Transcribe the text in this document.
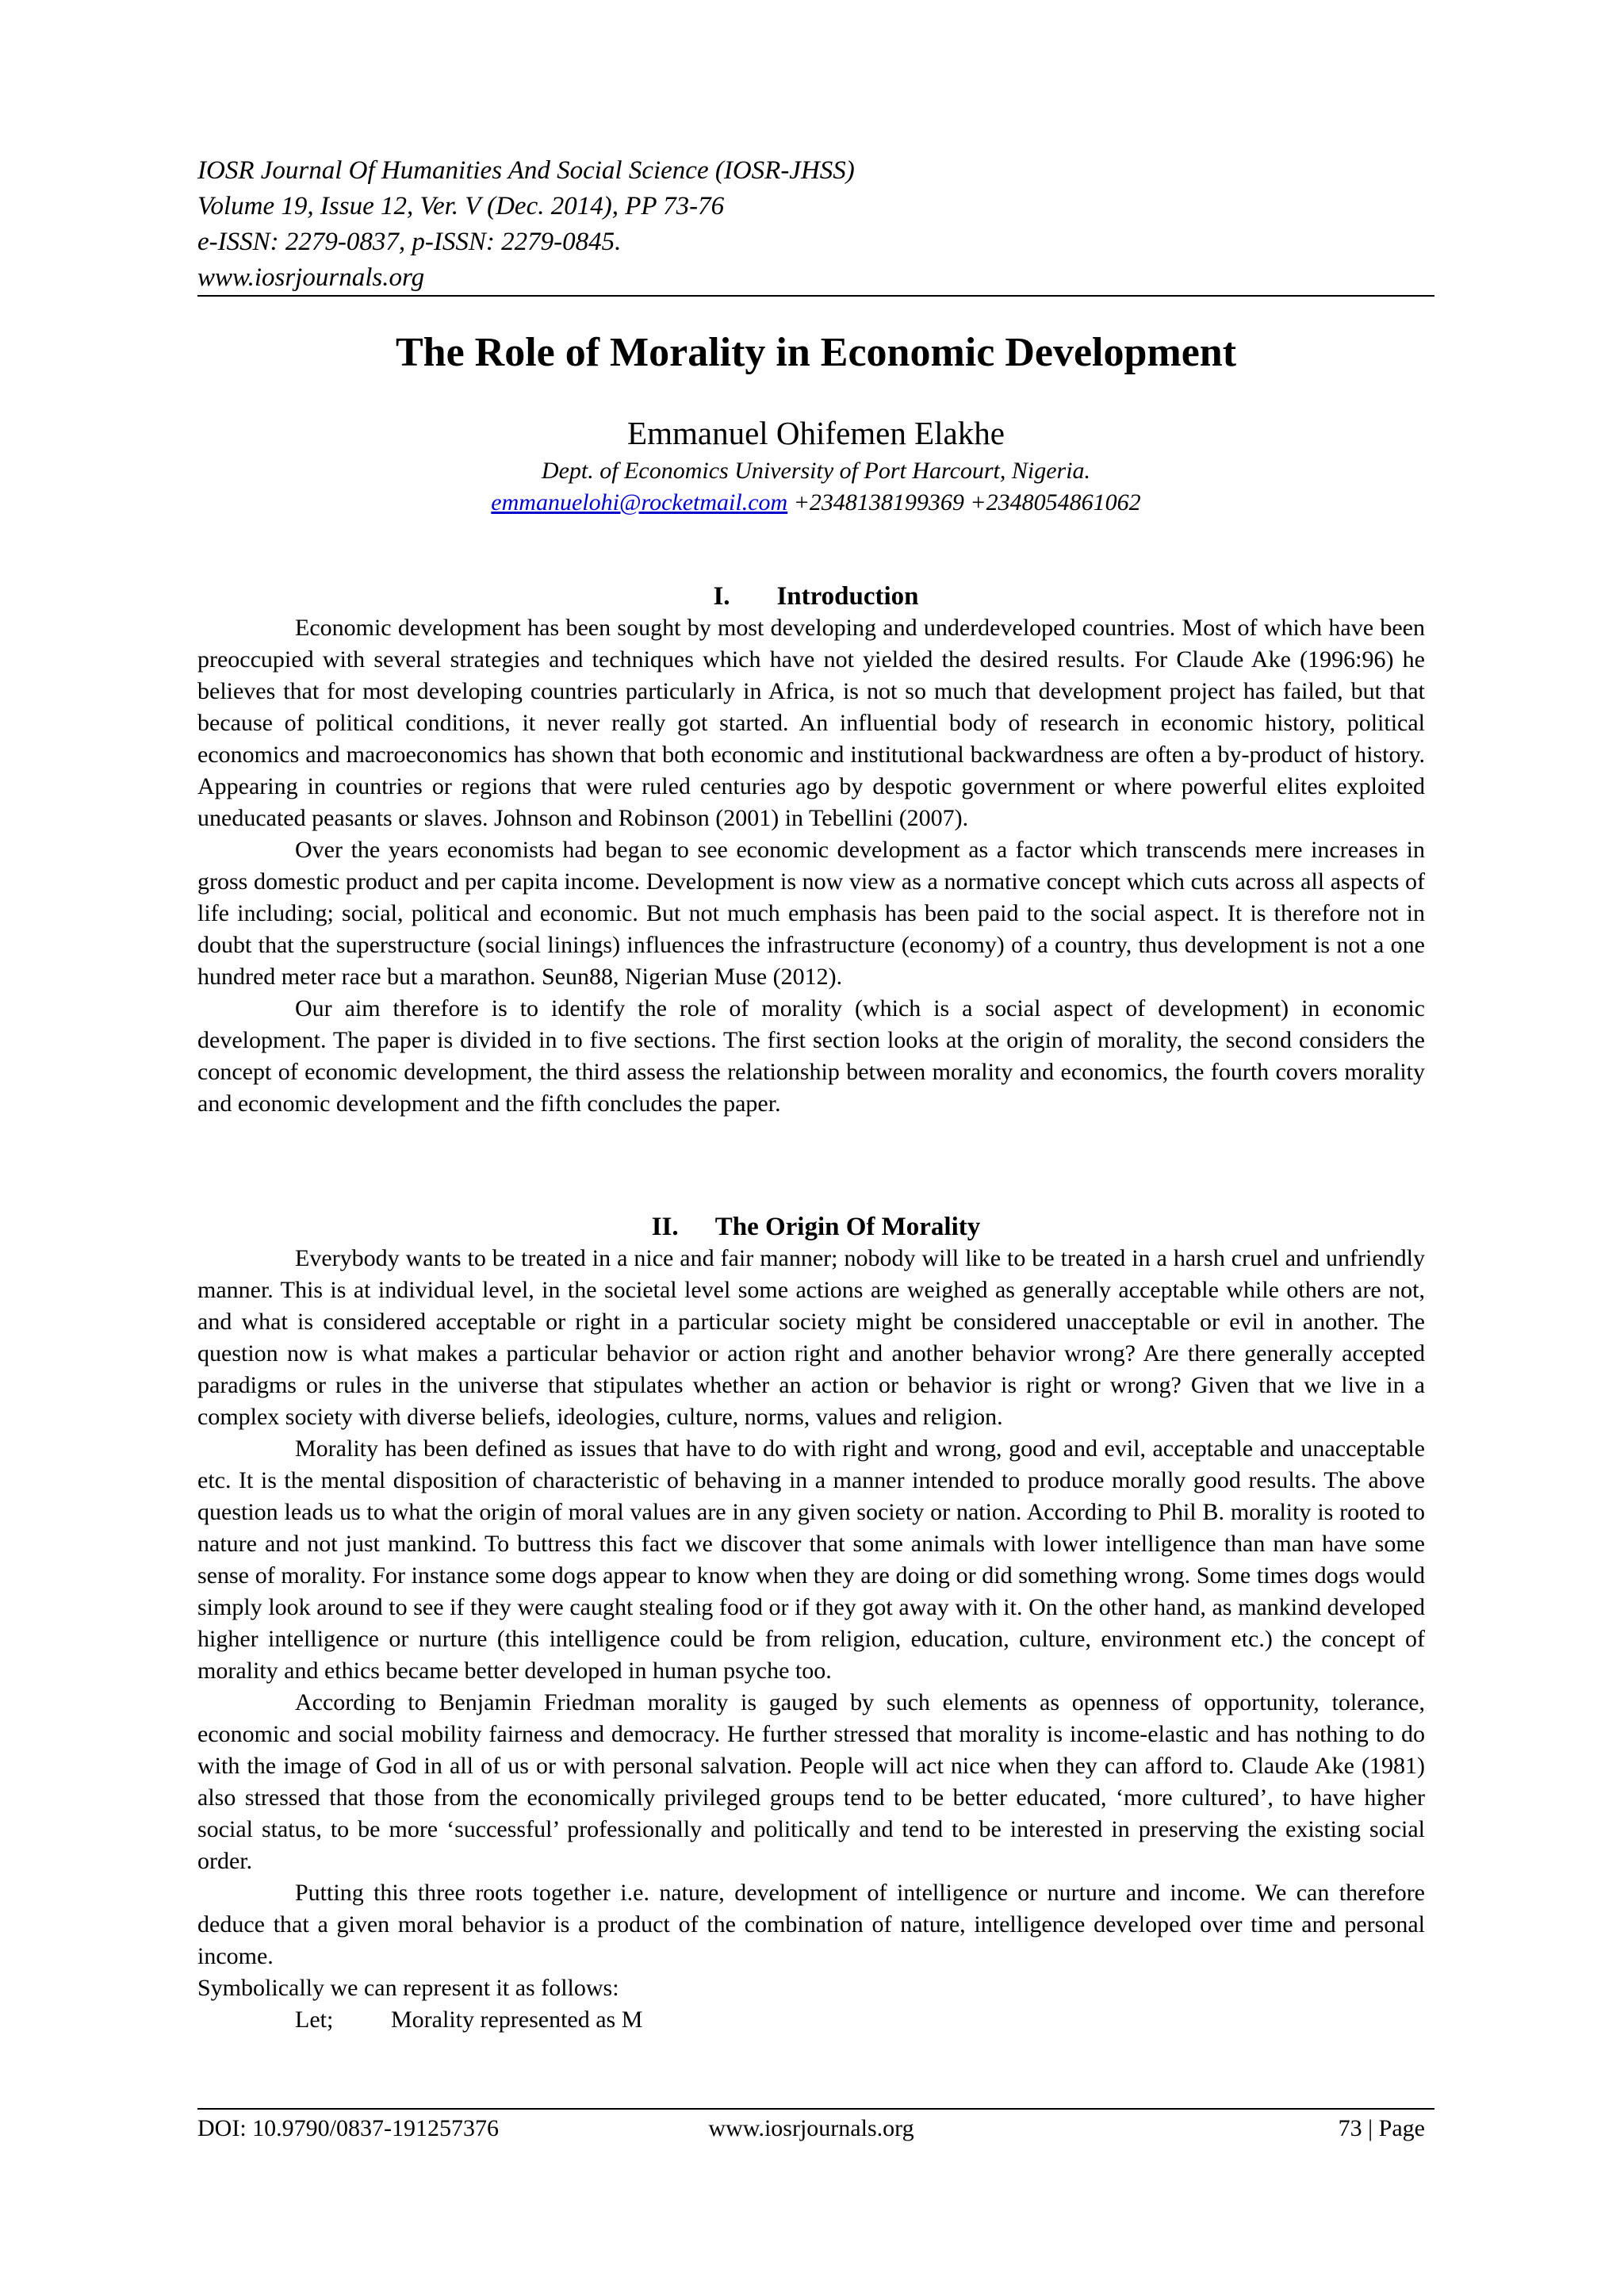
IOSR Journal Of Humanities And Social Science (IOSR-JHSS)
Volume 19, Issue 12, Ver. V (Dec. 2014), PP 73-76
e-ISSN: 2279-0837, p-ISSN: 2279-0845.
www.iosrjournals.org
The Role of Morality in Economic Development
Emmanuel Ohifemen Elakhe
Dept. of Economics University of Port Harcourt, Nigeria.
emmanuelohi@rocketmail.com +2348138199369 +2348054861062
I. Introduction

Economic development has been sought by most developing and underdeveloped countries. Most of which have been preoccupied with several strategies and techniques which have not yielded the desired results. For Claude Ake (1996:96) he believes that for most developing countries particularly in Africa, is not so much that development project has failed, but that because of political conditions, it never really got started. An influential body of research in economic history, political economics and macroeconomics has shown that both economic and institutional backwardness are often a by-product of history. Appearing in countries or regions that were ruled centuries ago by despotic government or where powerful elites exploited uneducated peasants or slaves. Johnson and Robinson (2001) in Tebellini (2007).

Over the years economists had began to see economic development as a factor which transcends mere increases in gross domestic product and per capita income. Development is now view as a normative concept which cuts across all aspects of life including; social, political and economic. But not much emphasis has been paid to the social aspect. It is therefore not in doubt that the superstructure (social linings) influences the infrastructure (economy) of a country, thus development is not a one hundred meter race but a marathon. Seun88, Nigerian Muse (2012).

Our aim therefore is to identify the role of morality (which is a social aspect of development) in economic development. The paper is divided in to five sections. The first section looks at the origin of morality, the second considers the concept of economic development, the third assess the relationship between morality and economics, the fourth covers morality and economic development and the fifth concludes the paper.

II. The Origin Of Morality

Everybody wants to be treated in a nice and fair manner; nobody will like to be treated in a harsh cruel and unfriendly manner. This is at individual level, in the societal level some actions are weighed as generally acceptable while others are not, and what is considered acceptable or right in a particular society might be considered unacceptable or evil in another. The question now is what makes a particular behavior or action right and another behavior wrong? Are there generally accepted paradigms or rules in the universe that stipulates whether an action or behavior is right or wrong? Given that we live in a complex society with diverse beliefs, ideologies, culture, norms, values and religion.

Morality has been defined as issues that have to do with right and wrong, good and evil, acceptable and unacceptable etc. It is the mental disposition of characteristic of behaving in a manner intended to produce morally good results. The above question leads us to what the origin of moral values are in any given society or nation. According to Phil B. morality is rooted to nature and not just mankind. To buttress this fact we discover that some animals with lower intelligence than man have some sense of morality. For instance some dogs appear to know when they are doing or did something wrong. Some times dogs would simply look around to see if they were caught stealing food or if they got away with it. On the other hand, as mankind developed higher intelligence or nurture (this intelligence could be from religion, education, culture, environment etc.) the concept of morality and ethics became better developed in human psyche too.

According to Benjamin Friedman morality is gauged by such elements as openness of opportunity, tolerance, economic and social mobility fairness and democracy. He further stressed that morality is income-elastic and has nothing to do with the image of God in all of us or with personal salvation. People will act nice when they can afford to. Claude Ake (1981) also stressed that those from the economically privileged groups tend to be better educated, ‘more cultured’, to have higher social status, to be more ‘successful’ professionally and politically and tend to be interested in preserving the existing social order.

Putting this three roots together i.e. nature, development of intelligence or nurture and income. We can therefore deduce that a given moral behavior is a product of the combination of nature, intelligence developed over time and personal income.

Symbolically we can represent it as follows:

Let; Morality represented as M
DOI: 10.9790/0837-191257376	www.iosrjournals.org	73 | Page
